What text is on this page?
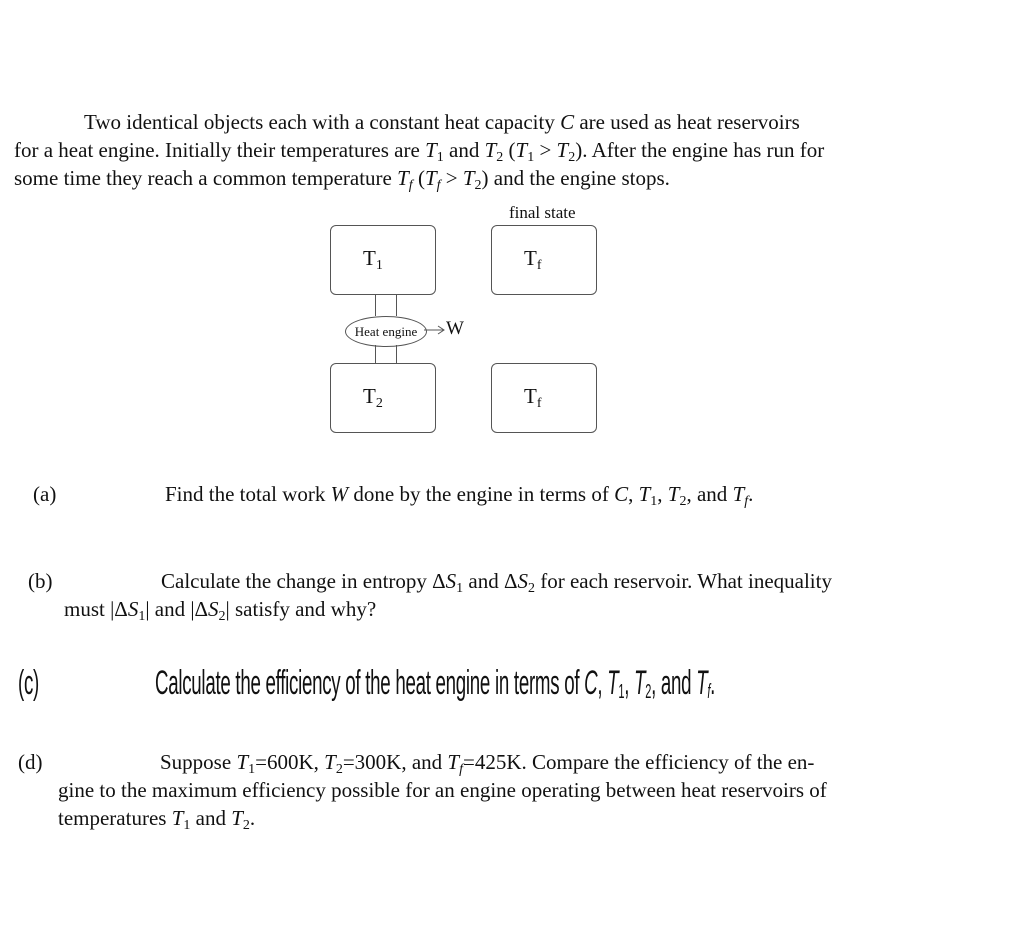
Two identical objects each with a constant heat capacity C are used as heat reservoirs
for a heat engine. Initially their temperatures are $T_1$ and $T_2$ $(T_1 > T_2)$. After the engine has run for
some time they reach a common temperature $T_f$ $(T_f > T_2)$ and the engine stops.
final state
$T_1$	$T_f$
Heat engine	W
$T_2$	$T_f$
(a)	Find the total work W done by the engine in terms of C, $T_1$, $T_2$, and $T_f$.
(b)	Calculate the change in entropy $\Delta S_1$ and $\Delta S_2$ for each reservoir. What inequality
must $|\Delta S_1|$ and $|\Delta S_2|$ satisfy and why?
(c)	Calculate the efficiency of the heat engine in terms of C, $T_1$, $T_2$, and $T_f$.
(d)	Suppose $T_1=600K$, $T_2=300K$, and $T_f=425K$. Compare the efficiency of the en-
gine to the maximum efficiency possible for an engine operating between heat reservoirs of
temperatures $T_1$ and $T_2$.
